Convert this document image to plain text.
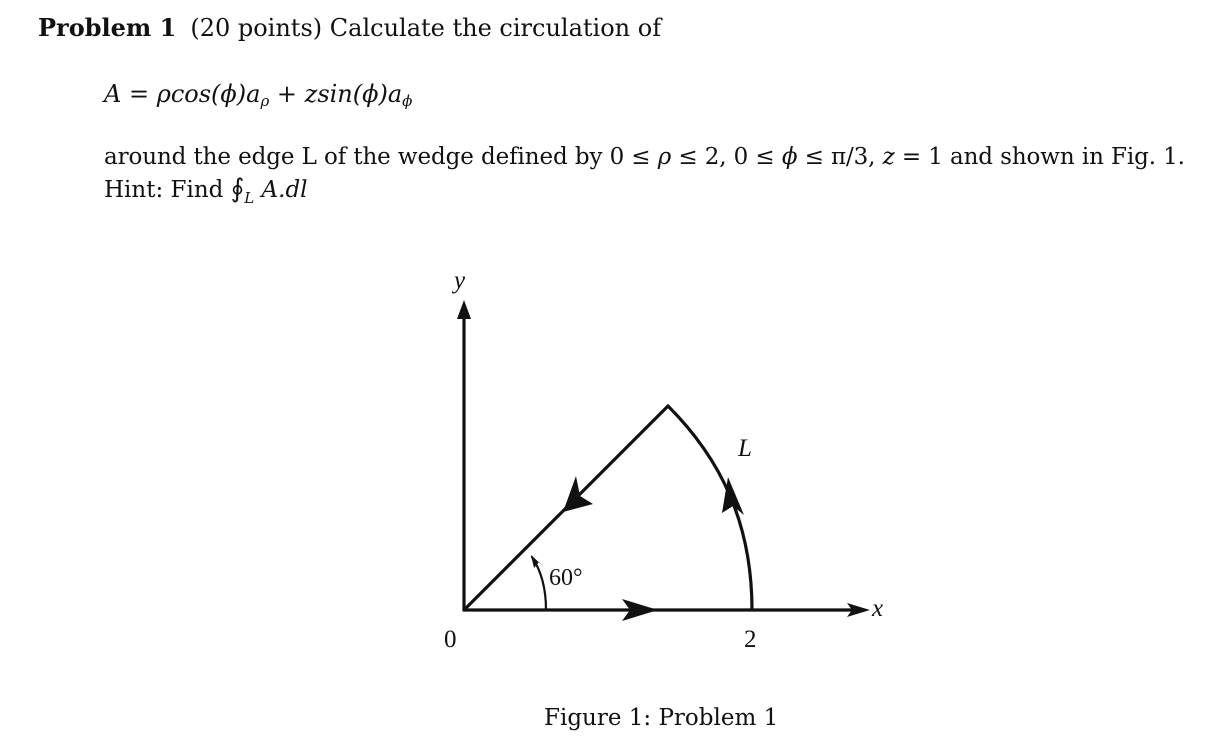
Problem 1 (20 points) Calculate the circulation of
$A = \rho\cos(\phi)a_\rho + zsin(\phi)a_\phi$
around the edge L of the wedge defined by 0 ≤ ρ ≤ 2, 0 ≤ ϕ ≤ π/3, z = 1 and shown in Fig. 1.
Hint: Find $∮_L$ A.dl
y
x
0	2
60°
L
Figure 1: Problem 1
